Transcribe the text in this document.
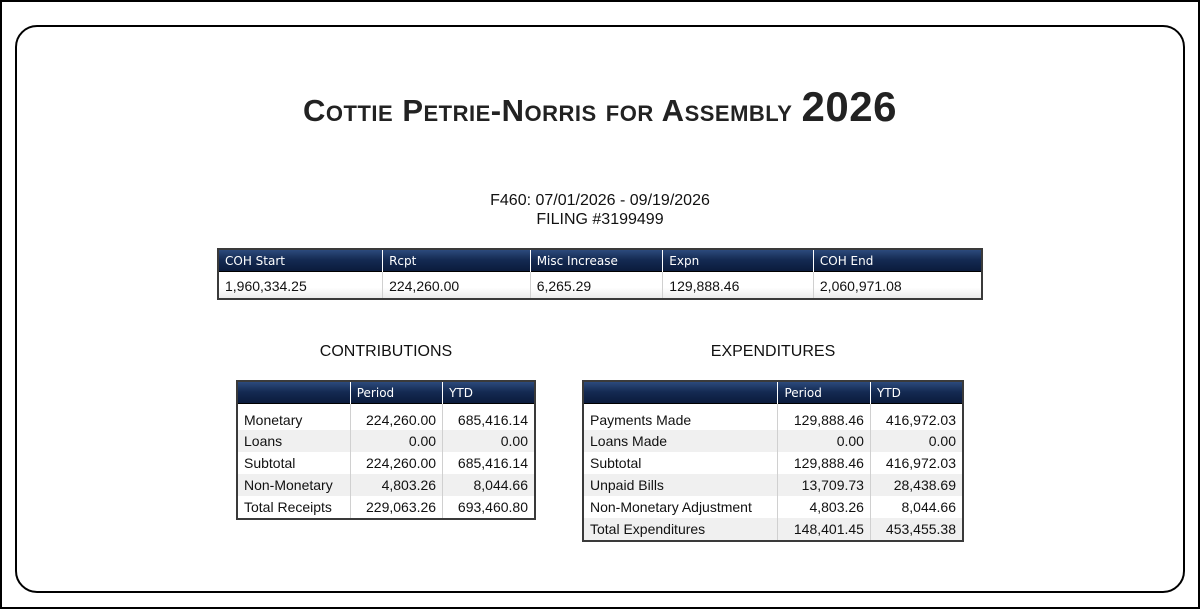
Cottie Petrie-Norris for Assembly 2026
F460: 07/01/2026 - 09/19/2026
FILING #3199499
COH Start	Rcpt	Misc Increase	Expn	COH End
1,960,334.25	224,260.00	6,265.29	129,888.46	2,060,971.08
CONTRIBUTIONS	EXPENDITURES
	Period	YTD
Monetary	224,260.00	685,416.14
Loans	0.00	0.00
Subtotal	224,260.00	685,416.14
Non-Monetary	4,803.26	8,044.66
Total Receipts	229,063.26	693,460.80
	Period	YTD
Payments Made	129,888.46	416,972.03
Loans Made	0.00	0.00
Subtotal	129,888.46	416,972.03
Unpaid Bills	13,709.73	28,438.69
Non-Monetary Adjustment	4,803.26	8,044.66
Total Expenditures	148,401.45	453,455.38
